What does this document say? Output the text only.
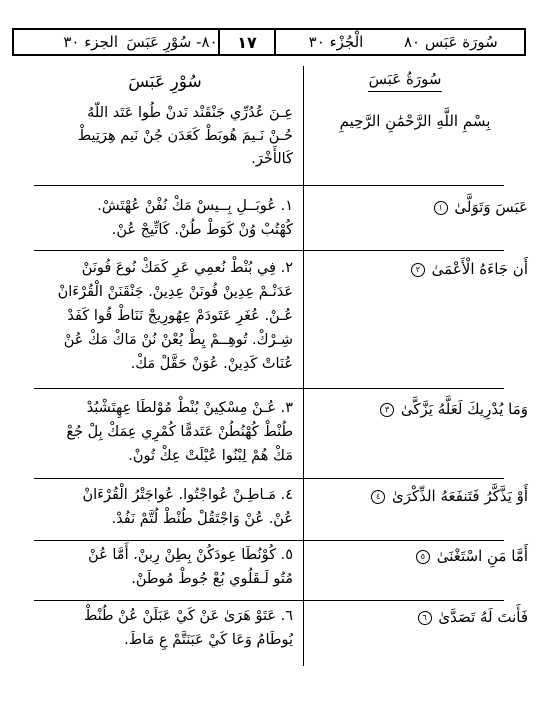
سُورَة عَبَس ٨٠
الْجُزْء ٣٠
١٧
٨٠- سُوْرِ عَبَسَ
الجزء ٣٠
سُوْرِ عَبَسَ	سُورَةُ عَبَسَ
بِسْمِ اللَّهِ الرَّحْمَٰنِ الرَّحِيمِ
عِـنَ عُدُرِّي جَنْقَنْد نَدنْ طُوا عَتَد اللّهُ
حُـنْ نَـيمَ هُوبَطْ كَعَدَن جُنْ نَيم هِرَتِيطْ
كَالأَخْرَ.
عَبَسَ وَتَوَلَّىٰ ١
١. عُوبَــلِ بِــيسْ مَكْ نُفْنْ عُهْتَشْ.
كُهْتُبْ وُنْ كَوَطْ طُنْ. كَاتِّيجْ عُنْ.
أَن جَاءَهُ الْأَعْمَىٰ ٢
٢. فِي بُنْطْ نُعمِي عَرِ كَمَكْ نُوعَ فُونَنْ
عَدَنْـمْ عِدِينْ فُونَنْ عِدِينْ. جَنْقَنَنْ الْقُرْءَانْ
عُـنْ. عُغَرِ عَتَودَمْ عِهُورِيجْ نَنَاطْ قُوا كَفَدْ
شِـرْكْ. تُوهِــمْ يِطْ يُعْنْ نُنْ مَاكْ مَكْ عُنْ
عُنَاتْ كَدِينْ. عُوَنْ حَقَّلْ مَكْ.
وَمَا يُدْرِيكَ لَعَلَّهُ يَزَّكَّىٰ ٣
٣. عُـنْ مِسْكِينْ بُنْطْ مُوْلطَا عِهِتَشْبُدْ
طُنْطْ كُهْنُطُنْ عَتَدمًّا كُمْرِي عِمَكْ بِلْ جُعْ
مَكْ هُمْ لِبْنُوا عُيْلَتْ عِكْ تُونْ.
أَوْ يَذَّكَّرُ فَتَنفَعَهُ الذِّكْرَىٰ ٤
٤. مَـاطِـنْ عُواجْتُوا. عُواجَتْرُ الْقُرْءَانْ
عُنْ. عُنْ وَاجْتَقُلْ طُنْطْ لُتَّمْ نَفُدْ.
أَمَّا مَنِ اسْتَغْنَىٰ ٥
٥. كُوْنُطَا عِودَكُنْ بِطِنْ رِبنْ. أَمَّا عُنْ
مُتُو لَـقَلُوي بُعْ جُوطْ مُوطَنْ.
فَأَنتَ لَهُ تَصَدَّىٰ ٦
٦. عَتَوْ هَرَىٰ عَنْ كَيْ عَبَلَنْ عُنْ طُنْطْ
يُوطَامُ وَعَا كَيْ عَبَنَتَّمْ عِ مَاطَ.
